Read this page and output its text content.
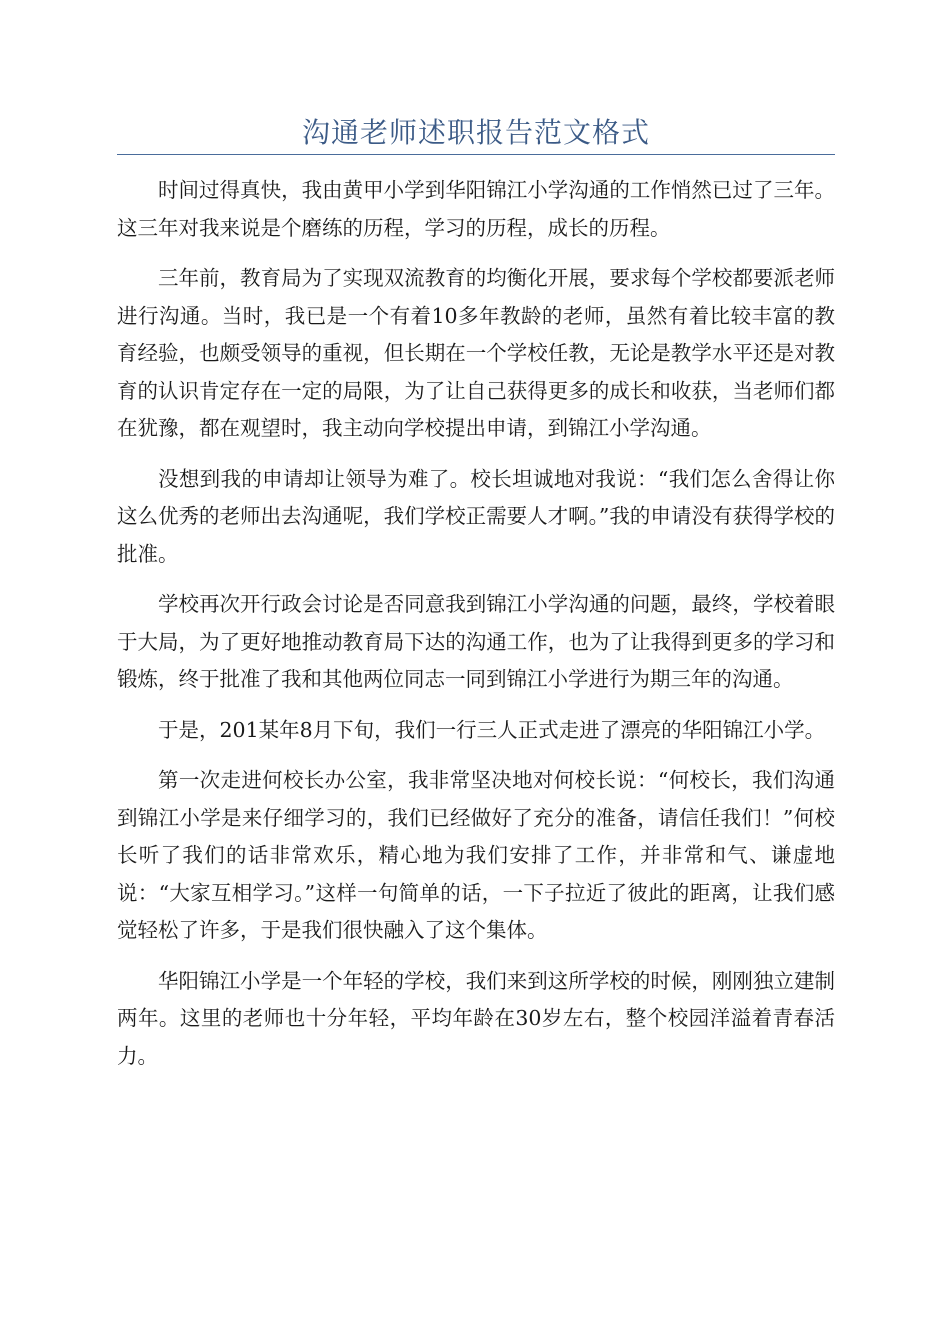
沟通老师述职报告范文格式

时间过得真快，我由黄甲小学到华阳锦江小学沟通的工作悄然已过了三年。这三年对我来说是个磨练的历程，学习的历程，成长的历程。

三年前，教育局为了实现双流教育的均衡化开展，要求每个学校都要派老师进行沟通。当时，我已是一个有着10多年教龄的老师，虽然有着比较丰富的教育经验，也颇受领导的重视，但长期在一个学校任教，无论是教学水平还是对教育的认识肯定存在一定的局限，为了让自己获得更多的成长和收获，当老师们都在犹豫，都在观望时，我主动向学校提出申请，到锦江小学沟通。

没想到我的申请却让领导为难了。校长坦诚地对我说：“我们怎么舍得让你这么优秀的老师出去沟通呢，我们学校正需要人才啊。”我的申请没有获得学校的批准。

学校再次开行政会讨论是否同意我到锦江小学沟通的问题，最终，学校着眼于大局，为了更好地推动教育局下达的沟通工作，也为了让我得到更多的学习和锻炼，终于批准了我和其他两位同志一同到锦江小学进行为期三年的沟通。

于是，201某年8月下旬，我们一行三人正式走进了漂亮的华阳锦江小学。

第一次走进何校长办公室，我非常坚决地对何校长说：“何校长，我们沟通到锦江小学是来仔细学习的，我们已经做好了充分的准备，请信任我们！”何校长听了我们的话非常欢乐，精心地为我们安排了工作，并非常和气、谦虚地说：“大家互相学习。”这样一句简单的话，一下子拉近了彼此的距离，让我们感觉轻松了许多，于是我们很快融入了这个集体。

华阳锦江小学是一个年轻的学校，我们来到这所学校的时候，刚刚独立建制两年。这里的老师也十分年轻，平均年龄在30岁左右，整个校园洋溢着青春活力。
